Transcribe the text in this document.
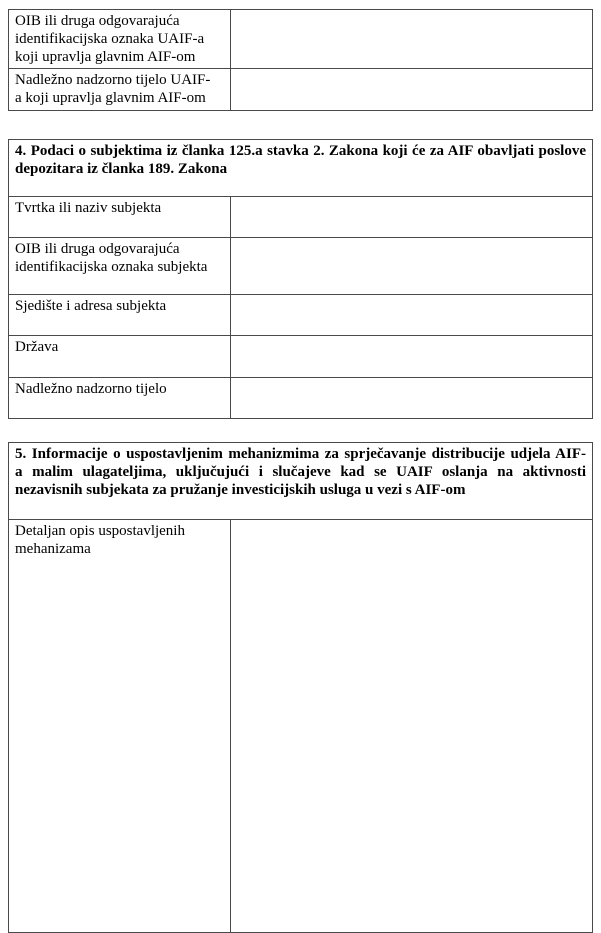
OIB ili druga odgovarajuća
identifikacijska oznaka UAIF-a
koji upravlja glavnim AIF-om	

Nadležno nadzorno tijelo UAIF-
a koji upravlja glavnim AIF-om	

4. Podaci o subjektima iz članka 125.a stavka 2. Zakona koji će za AIF obavljati poslove
depozitara iz članka 189. Zakona	

Tvrtka ili naziv subjekta	

OIB ili druga odgovarajuća
identifikacijska oznaka subjekta	

Sjedište i adresa subjekta	
Država	
Nadležno nadzorno tijelo	
5. Informacije o uspostavljenim mehanizmima za sprječavanje distribucije udjela AIF-
a malim ulagateljima, uključujući i slučajeve kad se UAIF oslanja na aktivnosti
nezavisnih subjekata za pružanje investicijskih usluga u vezi s AIF-om

Detaljan opis uspostavljenih
mehanizama
